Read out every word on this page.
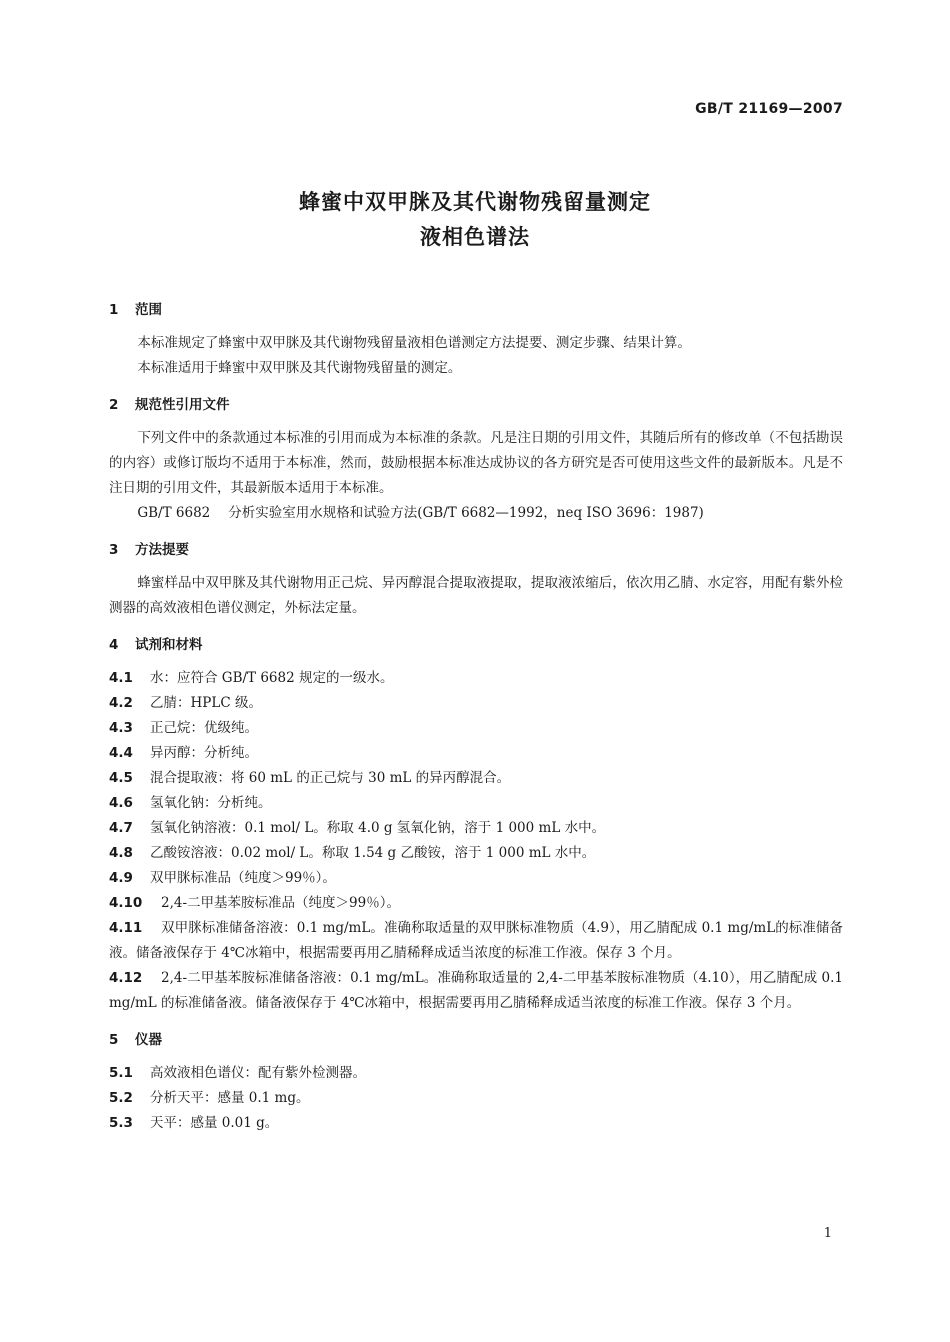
GB/T 21169—2007
蜂蜜中双甲脒及其代谢物残留量测定
液相色谱法

1 范围

本标准规定了蜂蜜中双甲脒及其代谢物残留量液相色谱测定方法提要、测定步骤、结果计算。

本标准适用于蜂蜜中双甲脒及其代谢物残留量的测定。

2 规范性引用文件

下列文件中的条款通过本标准的引用而成为本标准的条款。凡是注日期的引用文件，其随后所有的修改单（不包括勘误的内容）或修订版均不适用于本标准，然而，鼓励根据本标准达成协议的各方研究是否可使用这些文件的最新版本。凡是不注日期的引用文件，其最新版本适用于本标准。

GB/T 6682 分析实验室用水规格和试验方法(GB/T 6682—1992，neq ISO 3696：1987)

3 方法提要

蜂蜜样品中双甲脒及其代谢物用正己烷、异丙醇混合提取液提取，提取液浓缩后，依次用乙腈、水定容，用配有紫外检测器的高效液相色谱仪测定，外标法定量。

4 试剂和材料

4.1 水：应符合 GB/T 6682 规定的一级水。

4.2 乙腈：HPLC 级。

4.3 正己烷：优级纯。

4.4 异丙醇：分析纯。

4.5 混合提取液：将 60 mL 的正己烷与 30 mL 的异丙醇混合。

4.6 氢氧化钠：分析纯。

4.7 氢氧化钠溶液：0.1 mol/ L。称取 4.0 g 氢氧化钠，溶于 1 000 mL 水中。

4.8 乙酸铵溶液：0.02 mol/ L。称取 1.54 g 乙酸铵，溶于 1 000 mL 水中。

4.9 双甲脒标准品（纯度＞99％）。

4.10 2,4-二甲基苯胺标准品（纯度＞99％）。

4.11 双甲脒标准储备溶液：0.1 mg/mL。准确称取适量的双甲脒标准物质（4.9），用乙腈配成 0.1 mg/mL的标准储备液。储备液保存于 4℃冰箱中，根据需要再用乙腈稀释成适当浓度的标准工作液。保存 3 个月。

4.12 2,4-二甲基苯胺标准储备溶液：0.1 mg/mL。准确称取适量的 2,4-二甲基苯胺标准物质（4.10），用乙腈配成 0.1 mg/mL 的标准储备液。储备液保存于 4℃冰箱中，根据需要再用乙腈稀释成适当浓度的标准工作液。保存 3 个月。

5 仪器

5.1 高效液相色谱仪：配有紫外检测器。

5.2 分析天平：感量 0.1 mg。

5.3 天平：感量 0.01 g。

1
